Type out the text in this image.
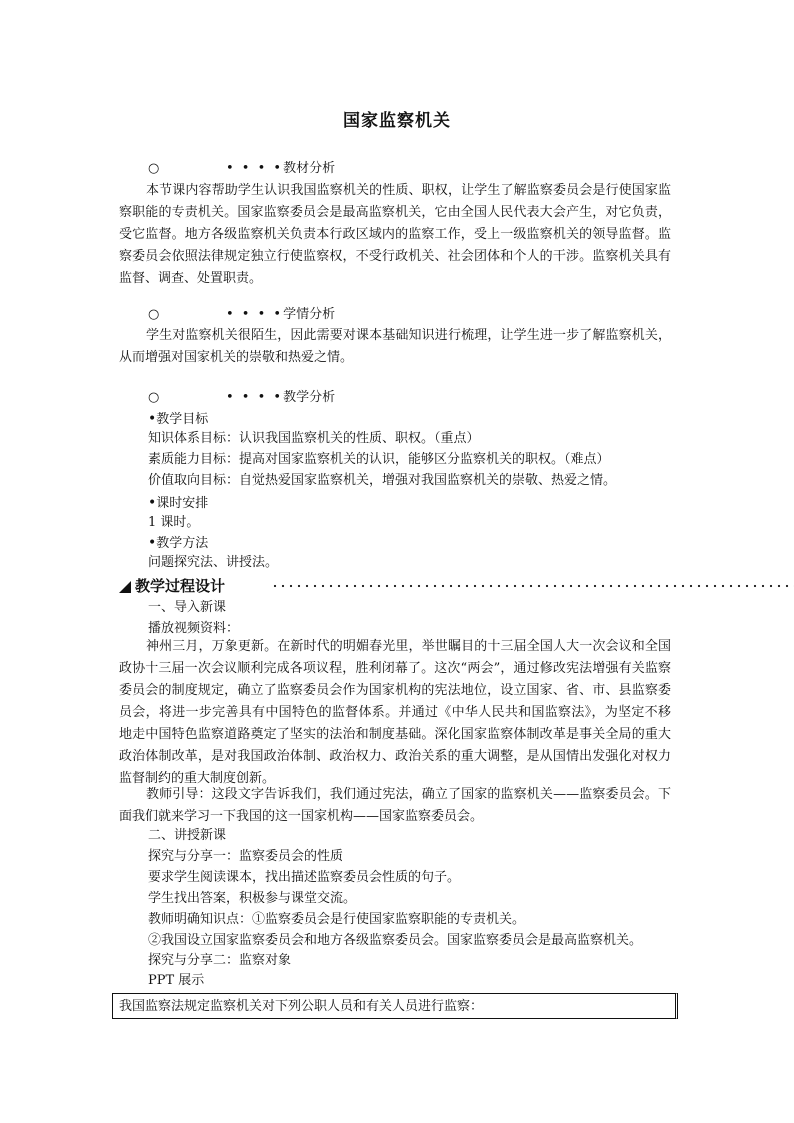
国家监察机关
○	• • • •教材分析

本节课内容帮助学生认识我国监察机关的性质、职权，让学生了解监察委员会是行使国家监察职能的专责机关。国家监察委员会是最高监察机关，它由全国人民代表大会产生，对它负责，受它监督。地方各级监察机关负责本行政区域内的监察工作，受上一级监察机关的领导监督。监察委员会依照法律规定独立行使监察权，不受行政机关、社会团体和个人的干涉。监察机关具有监督、调查、处置职责。

○	• • • •学情分析

学生对监察机关很陌生，因此需要对课本基础知识进行梳理，让学生进一步了解监察机关，从而增强对国家机关的崇敬和热爱之情。

○	• • • •教学分析
•教学目标
知识体系目标：认识我国监察机关的性质、职权。（重点）
素质能力目标：提高对国家监察机关的认识，能够区分监察机关的职权。（难点）
价值取向目标：自觉热爱国家监察机关，增强对我国监察机关的崇敬、热爱之情。
•课时安排
1 课时。
•教学方法
问题探究法、讲授法。
教学过程设计
一、导入新课
播放视频资料：

神州三月，万象更新。在新时代的明媚春光里，举世瞩目的十三届全国人大一次会议和全国政协十三届一次会议顺利完成各项议程，胜利闭幕了。这次“两会”，通过修改宪法增强有关监察委员会的制度规定，确立了监察委员会作为国家机构的宪法地位，设立国家、省、市、县监察委员会，将进一步完善具有中国特色的监督体系。并通过《中华人民共和国监察法》，为坚定不移地走中国特色监察道路奠定了坚实的法治和制度基础。深化国家监察体制改革是事关全局的重大政治体制改革，是对我国政治体制、政治权力、政治关系的重大调整，是从国情出发强化对权力监督制约的重大制度创新。

教师引导：这段文字告诉我们，我们通过宪法，确立了国家的监察机关——监察委员会。下面我们就来学习一下我国的这一国家机构——国家监察委员会。

二、讲授新课
探究与分享一：监察委员会的性质
要求学生阅读课本，找出描述监察委员会性质的句子。
学生找出答案，积极参与课堂交流。
教师明确知识点：①监察委员会是行使国家监察职能的专责机关。
②我国设立国家监察委员会和地方各级监察委员会。国家监察委员会是最高监察机关。
探究与分享二：监察对象
PPT 展示
我国监察法规定监察机关对下列公职人员和有关人员进行监察：
